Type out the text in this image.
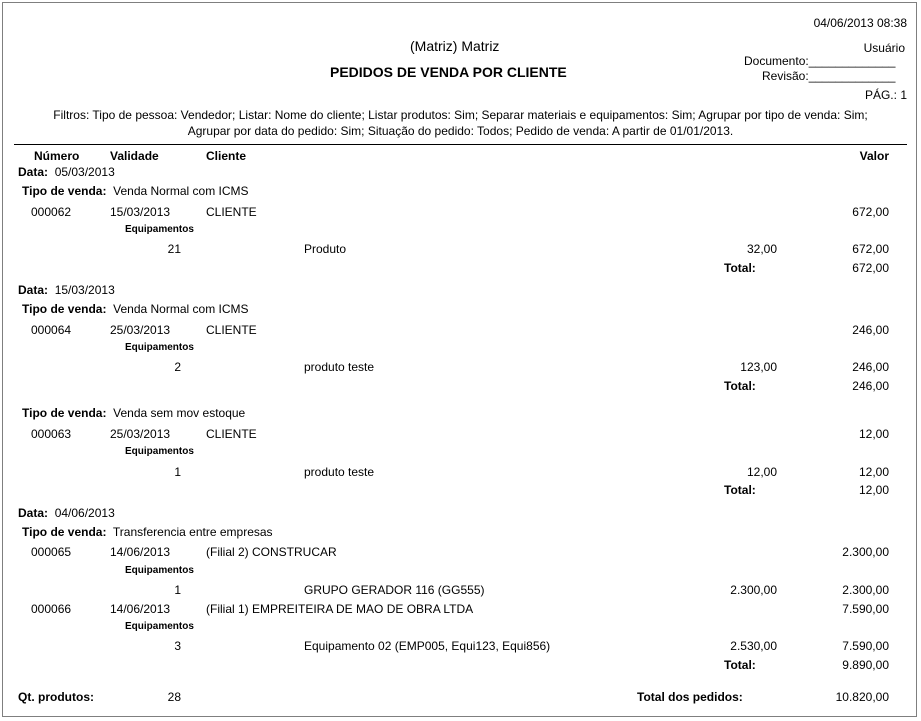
04/06/2013 08:38
Usuário
(Matriz) Matriz
PEDIDOS DE VENDA POR CLIENTE
Documento:_____________
Revisão:_____________
PÁG.: 1
Filtros: Tipo de pessoa: Vendedor; Listar: Nome do cliente; Listar produtos: Sim; Separar materiais e equipamentos: Sim; Agrupar por tipo de venda: Sim;
Agrupar por data do pedido: Sim; Situação do pedido: Todos; Pedido de venda: A partir de 01/01/2013.
Número	Validade	Cliente	Valor
Data: 05/03/2013
Tipo de venda: Venda Normal com ICMS
000062	15/03/2013	CLIENTE	672,00
Equipamentos
21	Produto	32,00	672,00
Total:	672,00
Data: 15/03/2013
Tipo de venda: Venda Normal com ICMS
000064	25/03/2013	CLIENTE	246,00
Equipamentos
2	produto teste	123,00	246,00
Total:	246,00
Tipo de venda: Venda sem mov estoque
000063	25/03/2013	CLIENTE	12,00
Equipamentos
1	produto teste	12,00	12,00
Total:	12,00
Data: 04/06/2013
Tipo de venda: Transferencia entre empresas
000065	14/06/2013	(Filial 2) CONSTRUCAR	2.300,00
Equipamentos
1	GRUPO GERADOR 116 (GG555)	2.300,00	2.300,00
000066	14/06/2013	(Filial 1) EMPREITEIRA DE MAO DE OBRA LTDA	7.590,00
Equipamentos
3	Equipamento 02 (EMP005, Equi123, Equi856)	2.530,00	7.590,00
Total:	9.890,00
Qt. produtos:	28	Total dos pedidos:	10.820,00
